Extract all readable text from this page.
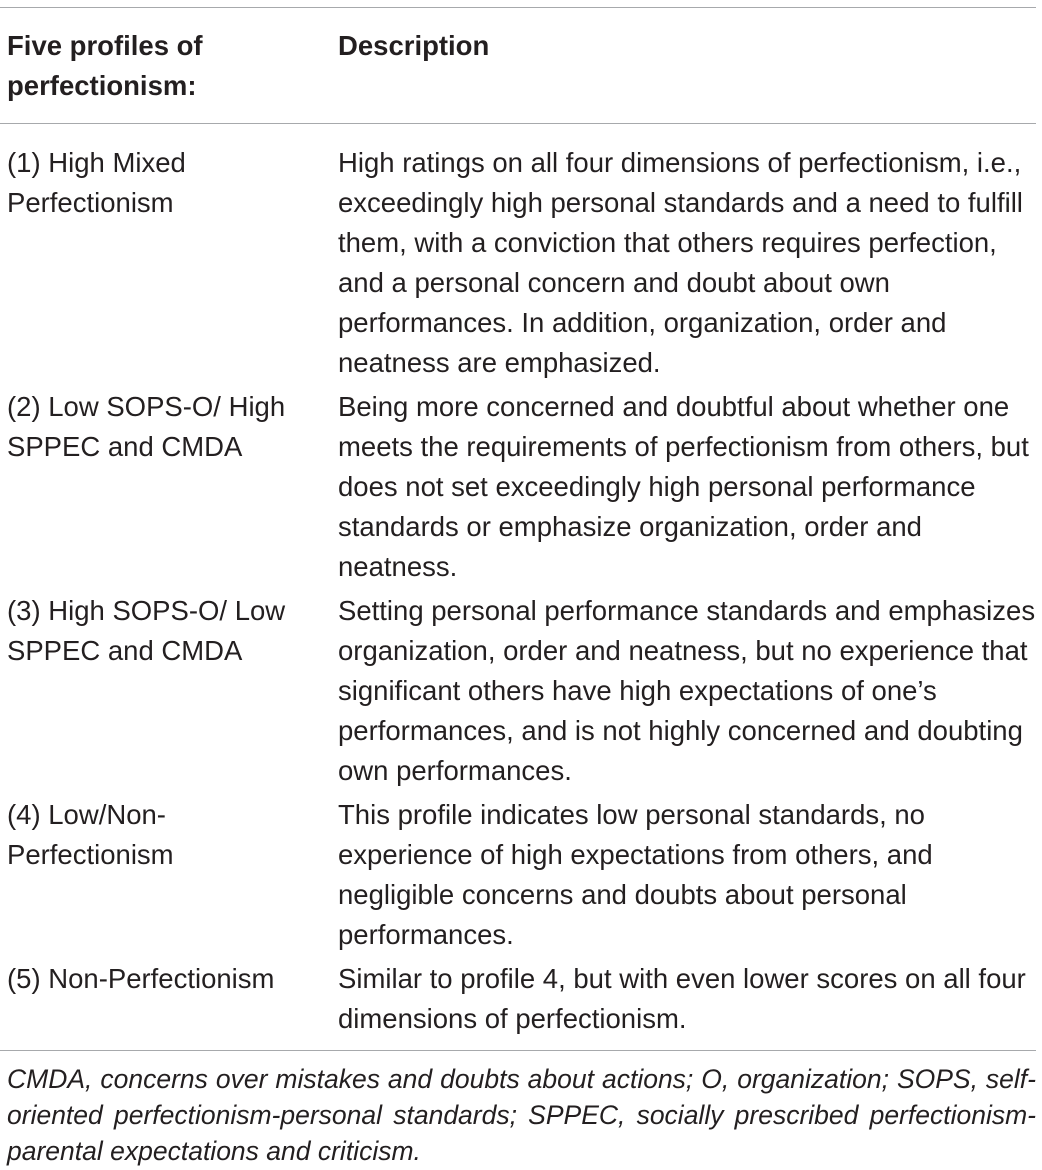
Five profiles of perfectionism:
Description
(1) High Mixed Perfectionism
High ratings on all four dimensions of perfectionism, i.e., exceedingly high personal standards and a need to fulfill them, with a conviction that others requires perfection, and a personal concern and doubt about own performances. In addition, organization, order and neatness are emphasized.
(2) Low SOPS-O/ High SPPEC and CMDA
Being more concerned and doubtful about whether one meets the requirements of perfectionism from others, but does not set exceedingly high personal performance standards or emphasize organization, order and neatness.
(3) High SOPS-O/ Low SPPEC and CMDA
Setting personal performance standards and emphasizes organization, order and neatness, but no experience that significant others have high expectations of one’s performances, and is not highly concerned and doubting own performances.
(4) Low/Non-Perfectionism
This profile indicates low personal standards, no experience of high expectations from others, and negligible concerns and doubts about personal performances.
(5) Non-Perfectionism	Similar to profile 4, but with even lower scores on all four dimensions of perfectionism.
CMDA, concerns over mistakes and doubts about actions; O, organization; SOPS, self-oriented perfectionism-personal standards; SPPEC, socially prescribed perfectionism-parental expectations and criticism.
